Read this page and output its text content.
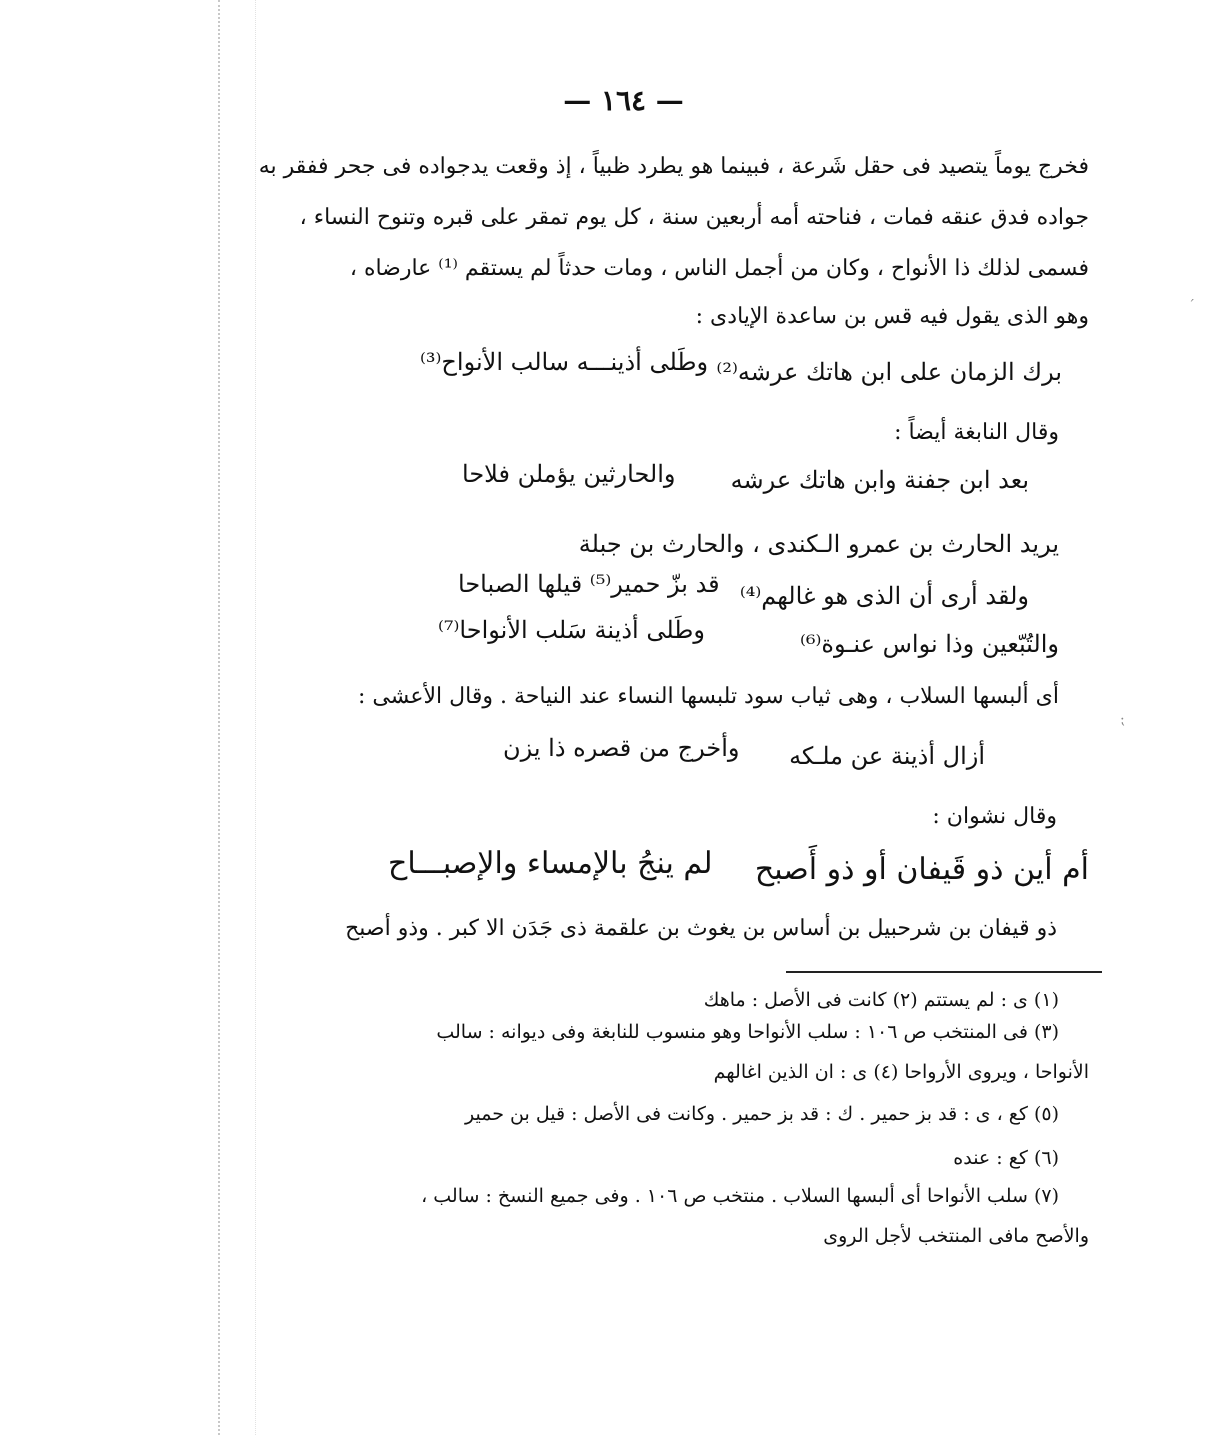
— ١٦٤ —
فخرج يوماً يتصيد فى حقل شَرعة ، فبينما هو يطرد ظبياً ، إذ وقعت يدجواده فى جحر ففقر به
جواده فدق عنقه فمات ، فناحته أمه أربعين سنة ، كل يوم تمقر على قبره وتنوح النساء ،
فسمى لذلك ذا الأنواح ، وكان من أجمل الناس ، ومات حدثاً لم يستقم ⁽¹⁾ عارضاه ،
وهو الذى يقول فيه قس بن ساعدة الإيادى :
برك الزمان على ابن هاتك عرشه⁽²⁾
وطَلى أذينـــه سالب الأنواح⁽³⁾
وقال النابغة أيضاً :
بعد ابن جفنة وابن هاتك عرشه
والحارثين يؤملن فلاحا
يريد الحارث بن عمرو الـكندى ، والحارث بن جبلة
ولقد أرى أن الذى هو غالهم⁽⁴⁾
قد بزّ حمير⁽⁵⁾ قيلها الصباحا
والتُبّعين وذا نواس عنـوة⁽⁶⁾
وطَلى أذينة سَلب الأنواحا⁽⁷⁾
أى ألبسها السلاب ، وهى ثياب سود تلبسها النساء عند النياحة . وقال الأعشى :
أزال أذينة عن ملـكه
وأخرج من قصره ذا يزن
وقال نشوان :
أم أين ذو قَيفان أو ذو أَصبح
لم ينجُ بالإمساء والإصبـــاح
ذو قيفان بن شرحبيل بن أساس بن يغوث بن علقمة ذى جَدَن الا كبر . وذو أصبح
(١) ى : لم يستتم (٢) كانت فى الأصل : ماهك
(٣) فى المنتخب ص ١٠٦ : سلب الأنواحا وهو منسوب للنابغة وفى ديوانه : سالب
الأنواحا ، ويروى الأرواحا (٤) ى : ان الذين اغالهم
(٥) كع ، ى : قد بز حمير . ك : قد بز حمير . وكانت فى الأصل : قيل بن حمير
(٦) كع : عنده
(٧) سلب الأنواحا أى ألبسها السلاب . منتخب ص ١٠٦ . وفى جميع النسخ : سالب ،
والأصح مافى المنتخب لأجل الروى
ˊ
⁏
